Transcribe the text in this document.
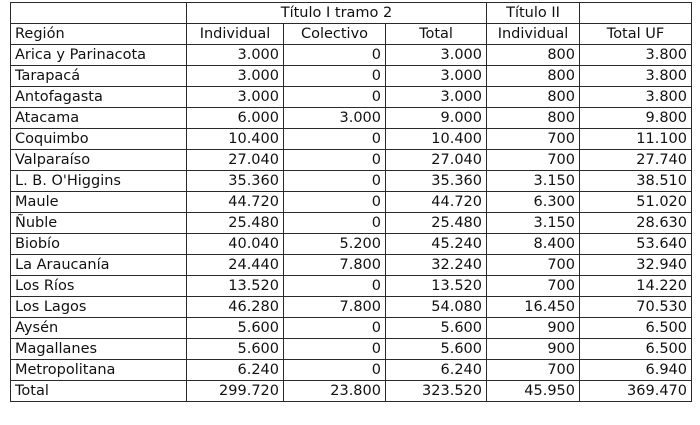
	Título I tramo 2			Título II	
Región	Individual	Colectivo	Total	Individual	Total UF
Arica y Parinacota	3.000	0	3.000	800	3.800
Tarapacá	3.000	0	3.000	800	3.800
Antofagasta	3.000	0	3.000	800	3.800
Atacama	6.000	3.000	9.000	800	9.800
Coquimbo	10.400	0	10.400	700	11.100
Valparaíso	27.040	0	27.040	700	27.740
L. B. O'Higgins	35.360	0	35.360	3.150	38.510
Maule	44.720	0	44.720	6.300	51.020
Ñuble	25.480	0	25.480	3.150	28.630
Biobío	40.040	5.200	45.240	8.400	53.640
La Araucanía	24.440	7.800	32.240	700	32.940
Los Ríos	13.520	0	13.520	700	14.220
Los Lagos	46.280	7.800	54.080	16.450	70.530
Aysén	5.600	0	5.600	900	6.500
Magallanes	5.600	0	5.600	900	6.500
Metropolitana	6.240	0	6.240	700	6.940
Total	299.720	23.800	323.520	45.950	369.470
